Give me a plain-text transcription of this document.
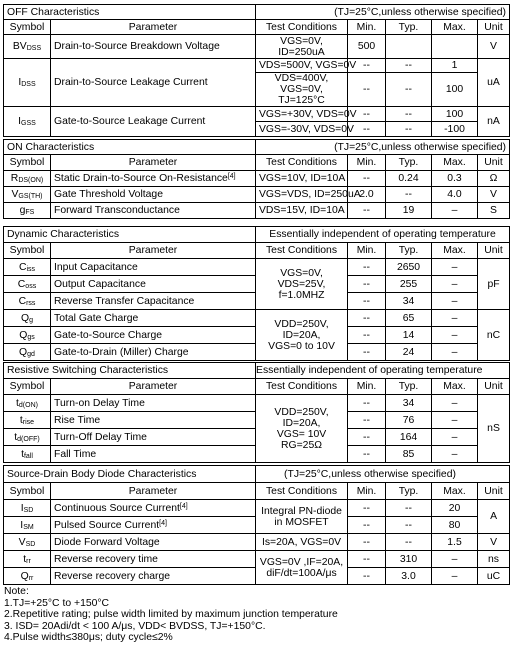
OFF Characteristics		(TJ=25°C,unless otherwise specified)				
Symbol	Parameter	Test Conditions	Min.	Typ.	Max.	Unit
$BV_{DSS}$	Drain-to-Source Breakdown Voltage	VGS=0V,
ID=250uA	500			V
$I_{DSS}$	Drain-to-Source Leakage Current	VDS=500V, VGS=0V	--	--	1	uA

		VDS=400V, VGS=0V,
TJ=125°C	--	--	100	
$I_{GSS}$	Gate-to-Source Leakage Current	VGS=+30V, VDS=0V	--	--	100	nA
		VGS=-30V, VDS=0V	--	--	-100	
ON Characteristics		(TJ=25°C,unless otherwise specified)				
Symbol	Parameter	Test Conditions	Min.	Typ.	Max.	Unit
$R_{DS(ON)}$	Static Drain-to-Source On-Resistance[4]	VGS=10V, ID=10A	--	0.24	0.3	Ω
$V_{GS(TH)}$	Gate Threshold Voltage	VGS=VDS, ID=250uA	2.0	--	4.0	V
$g_{FS}$	Forward Transconductance	VDS=15V, ID=10A	--	19	–	S
Dynamic Characteristics		Essentially independent of operating temperature				
Symbol	Parameter	Test Conditions	Min.	Typ.	Max.	Unit
$C_{iss}$	Input Capacitance	VGS=0V,
VDS=25V,
f=1.0MHZ	--	2650	–	pF
$C_{oss}$	Output Capacitance		--	255	–	
$C_{rss}$	Reverse Transfer Capacitance		--	34	–	
$Q_g$	Total Gate Charge	VDD=250V,
ID=20A,
VGS=0 to 10V	--	65	–	nC
$Q_{gs}$	Gate-to-Source Charge		--	14	–	
$Q_{gd}$	Gate-to-Drain (Miller) Charge		--	24	–	
Resistive Switching Characteristics		Essentially independent of operating temperature				
Symbol	Parameter	Test Conditions	Min.	Typ.	Max.	Unit
$t_{d(ON)}$	Turn-on Delay Time	VDD=250V,
ID=20A,
VGS= 10V
RG=25Ω	--	34	–	nS
$t_{rise}$	Rise Time		--	76	–	
$t_{d(OFF)}$	Turn-Off Delay Time		--	164	–	
$t_{fall}$	Fall Time		--	85	–	
Source-Drain Body Diode Characteristics		(TJ=25°C,unless otherwise specified)				
Symbol	Parameter	Test Conditions	Min.	Typ.	Max.	Unit
$I_{SD}$	Continuous Source Current[4]	Integral PN-diode
in MOSFET	--	--	20	A
$I_{SM}$	Pulsed Source Current[4]		--	--	80	
$V_{SD}$	Diode Forward Voltage	Is=20A, VGS=0V	--	--	1.5	V
$t_{rr}$	Reverse recovery time	VGS=0V ,IF=20A,
diF/dt=100A/μs	--	310	–	ns
$Q_{rr}$	Reverse recovery charge		--	3.0	–	uC
Note:
1.TJ=+25°C to +150°C
2.Repetitive rating; pulse width limited by maximum junction temperature
3. ISD= 20Adi/dt < 100 A/μs, VDD< BVDSS, TJ=+150°C.
4.Pulse width≤380μs; duty cycle≤2%
